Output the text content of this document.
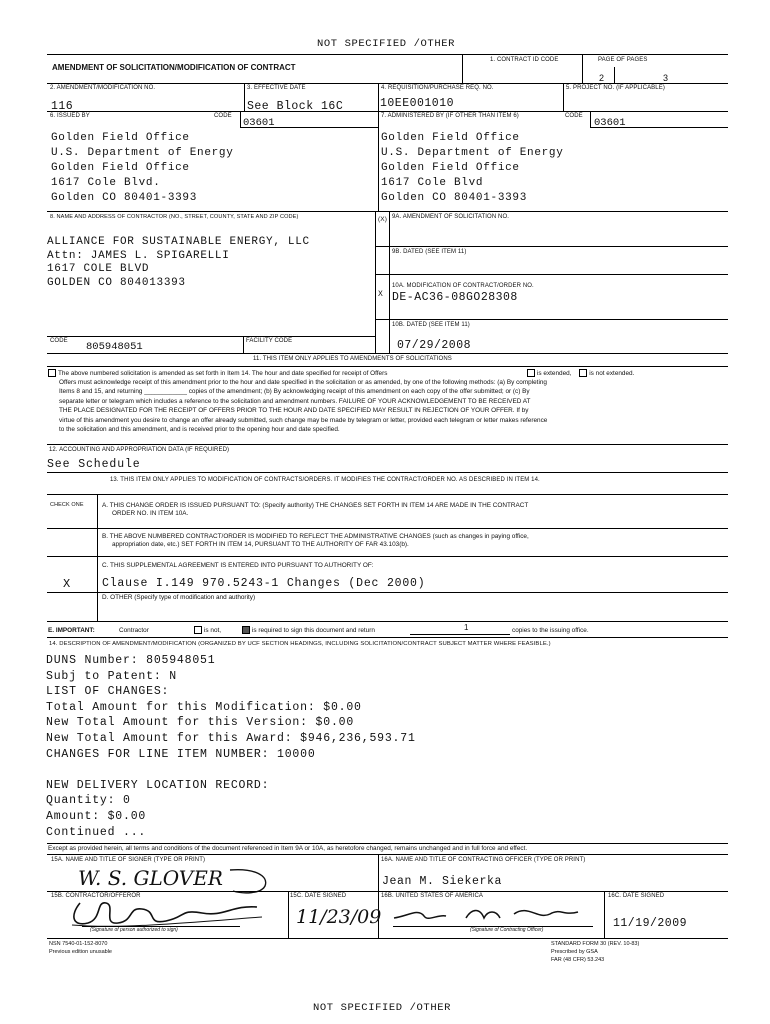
NOT SPECIFIED /OTHER
AMENDMENT OF SOLICITATION/MODIFICATION OF CONTRACT
1. CONTRACT ID CODE	PAGE OF PAGES
2	3
2. AMENDMENT/MODIFICATION NO.
116
3. EFFECTIVE DATE
See Block 16C
4. REQUISITION/PURCHASE REQ. NO.
10EE001010
5. PROJECT NO. (IF APPLICABLE)
6. ISSUED BY	CODE
03601
7. ADMINISTERED BY (IF OTHER THAN ITEM 6)	CODE
03601
Golden Field Office
U.S. Department of Energy
Golden Field Office
1617 Cole Blvd.
Golden CO 80401-3393
Golden Field Office
U.S. Department of Energy
Golden Field Office
1617 Cole Blvd
Golden CO 80401-3393
8. NAME AND ADDRESS OF CONTRACTOR (NO., STREET, COUNTY, STATE AND ZIP CODE)
ALLIANCE FOR SUSTAINABLE ENERGY, LLC
Attn: JAMES L. SPIGARELLI
1617 COLE BLVD
GOLDEN CO 804013393
(X) 9A. AMENDMENT OF SOLICITATION NO.
9B. DATED (SEE ITEM 11)
X
10A. MODIFICATION OF CONTRACT/ORDER NO.
DE-AC36-08GO28308
10B. DATED (SEE ITEM 11)
07/29/2008
CODE 805948051	FACILITY CODE
11. THIS ITEM ONLY APPLIES TO AMENDMENTS OF SOLICITATIONS
The above numbered solicitation is amended as set forth in Item 14. The hour and date specified for receipt of Offers	is extended,	is not extended.
Offers must acknowledge receipt of this amendment prior to the hour and date specified in the solicitation or as amended, by one of the following methods: (a) By completing
Items 8 and 15, and returning ____________ copies of the amendment; (b) By acknowledging receipt of this amendment on each copy of the offer submitted; or (c) By
separate letter or telegram which includes a reference to the solicitation and amendment numbers. FAILURE OF YOUR ACKNOWLEDGEMENT TO BE RECEIVED AT
THE PLACE DESIGNATED FOR THE RECEIPT OF OFFERS PRIOR TO THE HOUR AND DATE SPECIFIED MAY RESULT IN REJECTION OF YOUR OFFER. If by
virtue of this amendment you desire to change an offer already submitted, such change may be made by telegram or letter, provided each telegram or letter makes reference
to the solicitation and this amendment, and is received prior to the opening hour and date specified.
12. ACCOUNTING AND APPROPRIATION DATA (IF REQUIRED)
See Schedule
13. THIS ITEM ONLY APPLIES TO MODIFICATION OF CONTRACTS/ORDERS. IT MODIFIES THE CONTRACT/ORDER NO. AS DESCRIBED IN ITEM 14.
CHECK ONE	A. THIS CHANGE ORDER IS ISSUED PURSUANT TO: (Specify authority) THE CHANGES SET FORTH IN ITEM 14 ARE MADE IN THE CONTRACT
ORDER NO. IN ITEM 10A.
B. THE ABOVE NUMBERED CONTRACT/ORDER IS MODIFIED TO REFLECT THE ADMINISTRATIVE CHANGES (such as changes in paying office,
appropriation date, etc.) SET FORTH IN ITEM 14, PURSUANT TO THE AUTHORITY OF FAR 43.103(b).
C. THIS SUPPLEMENTAL AGREEMENT IS ENTERED INTO PURSUANT TO AUTHORITY OF:
X	Clause I.149 970.5243-1 Changes (Dec 2000)
D. OTHER (Specify type of modification and authority)
E. IMPORTANT:	Contractor	is not,	is required to sign this document and return	1	copies to the issuing office.
14. DESCRIPTION OF AMENDMENT/MODIFICATION (ORGANIZED BY UCF SECTION HEADINGS, INCLUDING SOLICITATION/CONTRACT SUBJECT MATTER WHERE FEASIBLE.)
DUNS Number: 805948051
Subj to Patent: N
LIST OF CHANGES:
Total Amount for this Modification: $0.00
New Total Amount for this Version: $0.00
New Total Amount for this Award: $946,236,593.71
CHANGES FOR LINE ITEM NUMBER: 10000
NEW DELIVERY LOCATION RECORD:
Quantity: 0
Amount: $0.00
Continued ...
Except as provided herein, all terms and conditions of the document referenced in Item 9A or 10A, as heretofore changed, remains unchanged and in full force and effect.
15A. NAME AND TITLE OF SIGNER (TYPE OR PRINT)
W. S. GLOVER
16A. NAME AND TITLE OF CONTRACTING OFFICER (TYPE OR PRINT)
Jean M. Siekerka
15B. CONTRACTOR/OFFEROR
(Signature of person authorized to sign)
15C. DATE SIGNED
11/23/09
16B. UNITED STATES OF AMERICA
(Signature of Contracting Officer)
16C. DATE SIGNED
11/19/2009
NSN 7540-01-152-8070
Previous edition unusable
STANDARD FORM 30 (REV. 10-83)
Prescribed by GSA
FAR (48 CFR) 53.243
NOT SPECIFIED /OTHER
